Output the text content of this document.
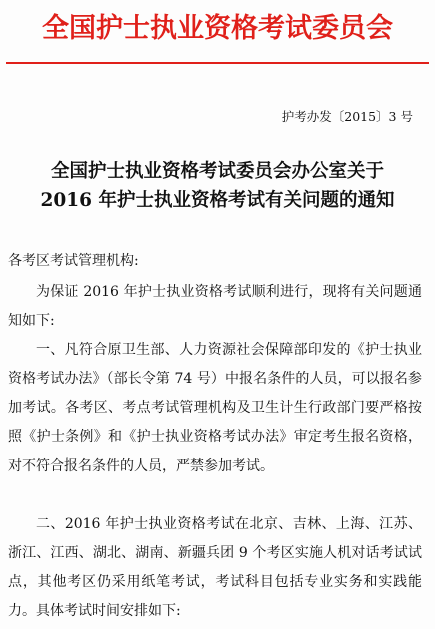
全国护士执业资格考试委员会
护考办发〔2015〕3 号
全国护士执业资格考试委员会办公室关于
2016 年护士执业资格考试有关问题的通知
各考区考试管理机构:

为保证 2016 年护士执业资格考试顺利进行，现将有关问题通知如下:

一、凡符合原卫生部、人力资源社会保障部印发的《护士执业资格考试办法》（部长令第 74 号）中报名条件的人员，可以报名参加考试。各考区、考点考试管理机构及卫生计生行政部门要严格按照《护士条例》和《护士执业资格考试办法》审定考生报名资格，对不符合报名条件的人员，严禁参加考试。

二、2016 年护士执业资格考试在北京、吉林、上海、江苏、浙江、江西、湖北、湖南、新疆兵团 9 个考区实施人机对话考试试点，其他考区仍采用纸笔考试，考试科目包括专业实务和实践能力。具体考试时间安排如下:
